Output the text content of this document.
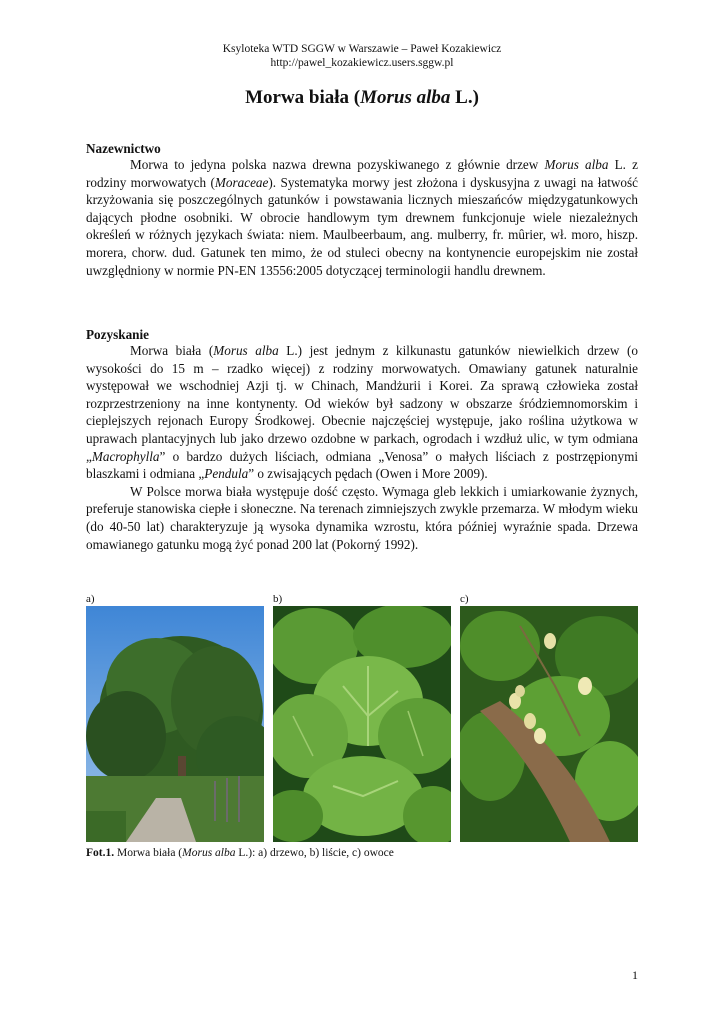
Ksyloteka WTD SGGW w Warszawie – Paweł Kozakiewicz
http://pawel_kozakiewicz.users.sggw.pl
Morwa biała (Morus alba L.)
Nazewnictwo

Morwa to jedyna polska nazwa drewna pozyskiwanego z głównie drzew Morus alba L. z rodziny morwowatych (Moraceae). Systematyka morwy jest złożona i dyskusyjna z uwagi na łatwość krzyżowania się poszczególnych gatunków i powstawania licznych mieszańców międzygatunkowych dających płodne osobniki. W obrocie handlowym tym drewnem funkcjonuje wiele niezależnych określeń w różnych językach świata: niem. Maulbeerbaum, ang. mulberry, fr. mûrier, wł. moro, hiszp. morera, chorw. dud. Gatunek ten mimo, że od stuleci obecny na kontynencie europejskim nie został uwzględniony w normie PN-EN 13556:2005 dotyczącej terminologii handlu drewnem.

Pozyskanie

Morwa biała (Morus alba L.) jest jednym z kilkunastu gatunków niewielkich drzew (o wysokości do 15 m – rzadko więcej) z rodziny morwowatych. Omawiany gatunek naturalnie występował we wschodniej Azji tj. w Chinach, Mandżurii i Korei. Za sprawą człowieka został rozprzestrzeniony na inne kontynenty. Od wieków był sadzony w obszarze śródziemnomorskim i cieplejszych rejonach Europy Środkowej. Obecnie najczęściej występuje, jako roślina użytkowa w uprawach plantacyjnych lub jako drzewo ozdobne w parkach, ogrodach i wzdłuż ulic, w tym odmiana „Macrophylla” o bardzo dużych liściach, odmiana „Venosa” o małych liściach z postrzępionymi blaszkami i odmiana „Pendula” o zwisających pędach (Owen i More 2009).

W Polsce morwa biała występuje dość często. Wymaga gleb lekkich i umiarkowanie żyznych, preferuje stanowiska ciepłe i słoneczne. Na terenach zimniejszych zwykle przemarza. W młodym wieku (do 40-50 lat) charakteryzuje ją wysoka dynamika wzrostu, która później wyraźnie spada. Drzewa omawianego gatunku mogą żyć ponad 200 lat (Pokorný 1992).

a)	b)	c)
Fot.1. Morwa biała (Morus alba L.): a) drzewo, b) liście, c) owoce
1
